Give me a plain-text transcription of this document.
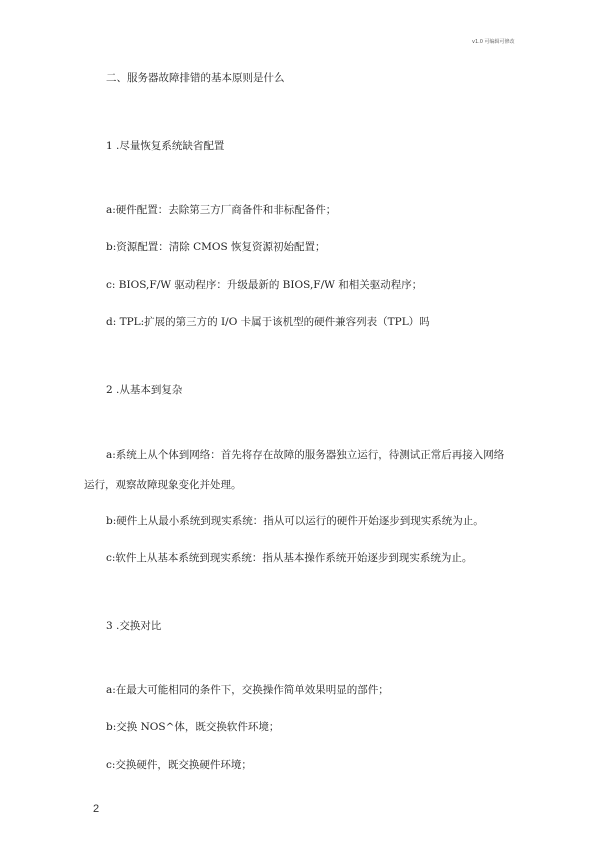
v1.0 可编辑可修改
二、服务器故障排错的基本原则是什么
1 .尽量恢复系统缺省配置
a:硬件配置：去除第三方厂商备件和非标配备件；
b:资源配置：清除 CMOS 恢复资源初始配置；
c: BIOS,F/W 驱动程序：升级最新的 BIOS,F/W 和相关驱动程序；
d: TPL:扩展的第三方的 I/O 卡属于该机型的硬件兼容列表（TPL）吗
2 .从基本到复杂
a:系统上从个体到网络：首先将存在故障的服务器独立运行，待测试正常后再接入网络
运行，观察故障现象变化并处理。
b:硬件上从最小系统到现实系统：指从可以运行的硬件开始逐步到现实系统为止。
c:软件上从基本系统到现实系统：指从基本操作系统开始逐步到现实系统为止。
3 .交换对比
a:在最大可能相同的条件下，交换操作简单效果明显的部件；
b:交换 NOS^体，既交换软件环境；
c:交换硬件，既交换硬件环境；
2
